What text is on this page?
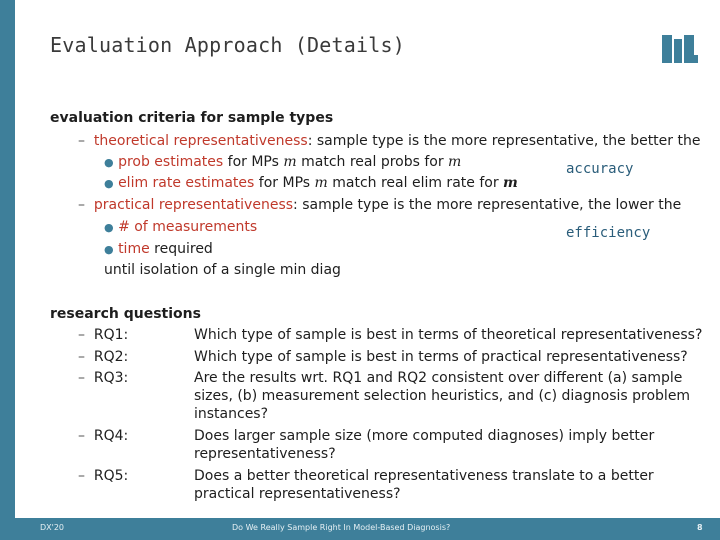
Evaluation Approach (Details)
evaluation criteria for sample types
– theoretical representativeness: sample type is the more representative, the better the
● prob estimates for MPs m match real probs for m
● elim rate estimates for MPs m match real elim rate for m
accuracy
– practical representativeness: sample type is the more representative, the lower the
● # of measurements
● time required
until isolation of a single min diag
efficiency
research questions
– RQ1:	Which type of sample is best in terms of theoretical representativeness?
– RQ2:	Which type of sample is best in terms of practical representativeness?
– RQ3:	Are the results wrt. RQ1 and RQ2 consistent over different (a) sample
sizes, (b) measurement selection heuristics, and (c) diagnosis problem
instances?
– RQ4:	Does larger sample size (more computed diagnoses) imply better
representativeness?
– RQ5:	Does a better theoretical representativeness translate to a better
practical representativeness?
DX'20	Do We Really Sample Right In Model-Based Diagnosis?	8
